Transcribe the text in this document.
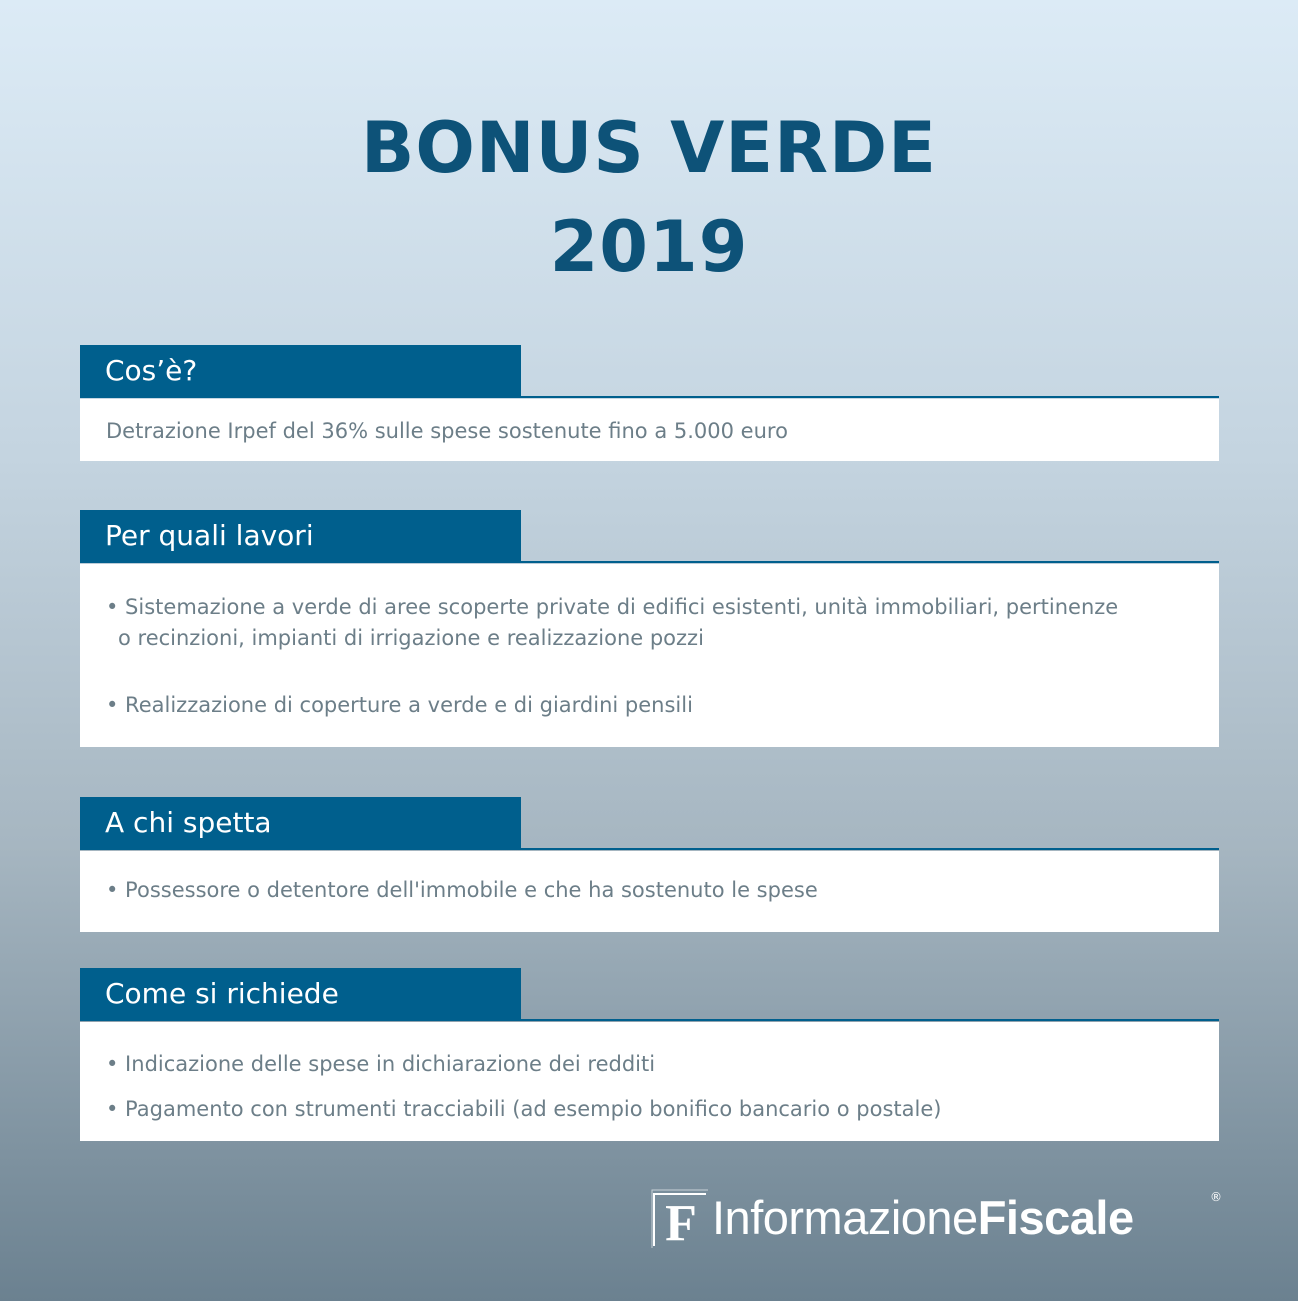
BONUS VERDE
2019
Cos’è?
Detrazione Irpef del 36% sulle spese sostenute fino a 5.000 euro
Per quali lavori
• Sistemazione a verde di aree scoperte private di edifici esistenti, unità immobiliari, pertinenze
o recinzioni, impianti di irrigazione e realizzazione pozzi
• Realizzazione di coperture a verde e di giardini pensili
A chi spetta
• Possessore o detentore dell'immobile e che ha sostenuto le spese
Come si richiede
• Indicazione delle spese in dichiarazione dei redditi
• Pagamento con strumenti tracciabili (ad esempio bonifico bancario o postale)
F InformazioneFiscale	®
